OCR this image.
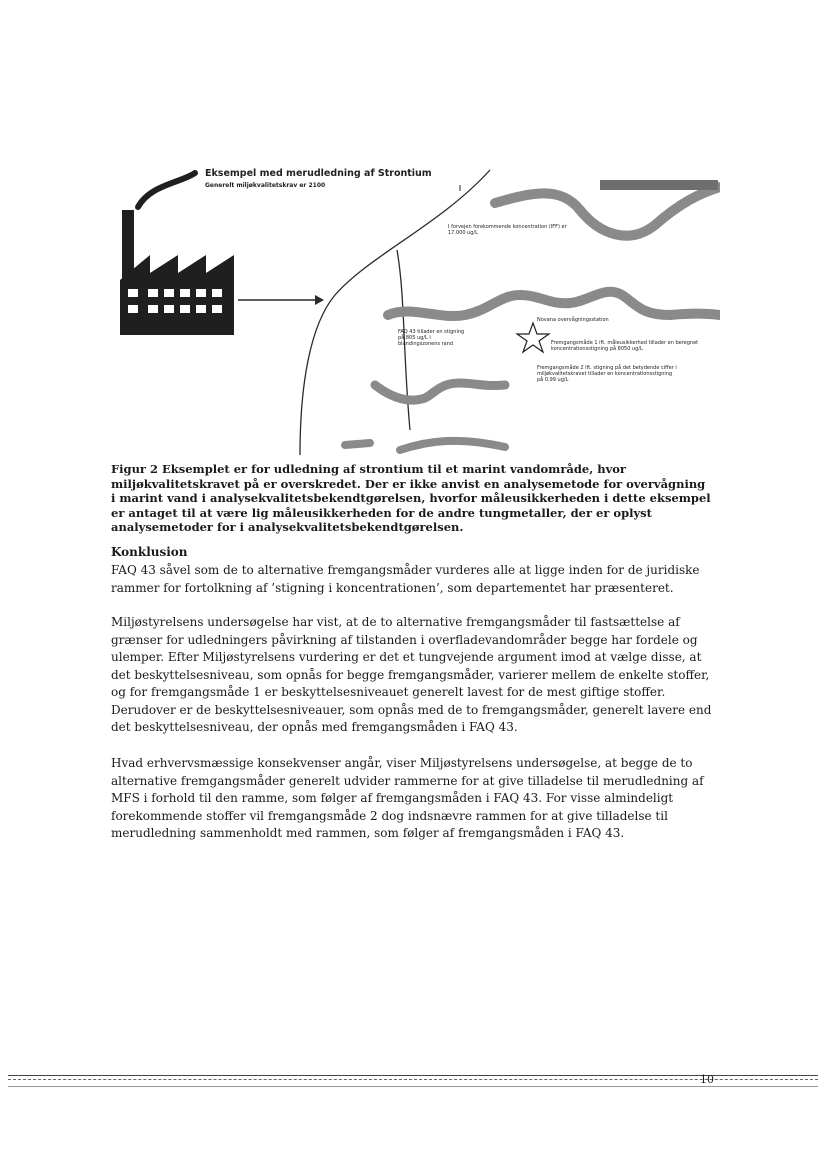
Eksempel med merudledning af Strontium
Generelt miljøkvalitetskrav er 2100
I forvejen forekommende koncentration (IFF) er 17.000 ug/L
FAQ 43 tillader en stigning på 805 ug/L i blandingszonens rand
Novana overvågningsstation
Fremgangsmåde 1 ift. måleusikkerhed tillader en beregnet koncentrationsstigning på 8050 ug/L
Fremgangsmåde 2 ift. stigning på det betydende ciffer i miljøkvalitetskravet tillader en koncentrationsstigning på 0,99 ug/L
Figur 2 Eksemplet er for udledning af strontium til et marint vandområde, hvor miljøkvalitetskravet på er overskredet. Der er ikke anvist en analysemetode for overvågning i marint vand i analysekvalitetsbekendtgørelsen, hvorfor måleusikkerheden i dette eksempel er antaget til at være lig måleusikkerheden for de andre tungmetaller, der er oplyst analysemetoder for i analysekvalitetsbekendtgørelsen.
Konklusion

FAQ 43 såvel som de to alternative fremgangsmåder vurderes alle at ligge inden for de juridiske rammer for fortolkning af ’stigning i koncentrationen’, som departementet har præsenteret.

Miljøstyrelsens undersøgelse har vist, at de to alternative fremgangsmåder til fastsættelse af grænser for udledningers påvirkning af tilstanden i overfladevandområder begge har fordele og ulemper. Efter Miljøstyrelsens vurdering er det et tungvejende argument imod at vælge disse, at det beskyttelsesniveau, som opnås for begge fremgangsmåder, varierer mellem de enkelte stoffer, og for fremgangsmåde 1 er beskyttelsesniveauet generelt lavest for de mest giftige stoffer. Derudover er de beskyttelsesniveauer, som opnås med de to fremgangsmåder, generelt lavere end det beskyttelsesniveau, der opnås med fremgangsmåden i FAQ 43.

Hvad erhvervsmæssige konsekvenser angår, viser Miljøstyrelsens undersøgelse, at begge de to alternative fremgangsmåder generelt udvider rammerne for at give tilladelse til merudledning af MFS i forhold til den ramme, som følger af fremgangsmåden i FAQ 43. For visse almindeligt forekommende stoffer vil fremgangsmåde 2 dog indsnævre rammen for at give tilladelse til merudledning sammenholdt med rammen, som følger af fremgangsmåden i FAQ 43.

10
